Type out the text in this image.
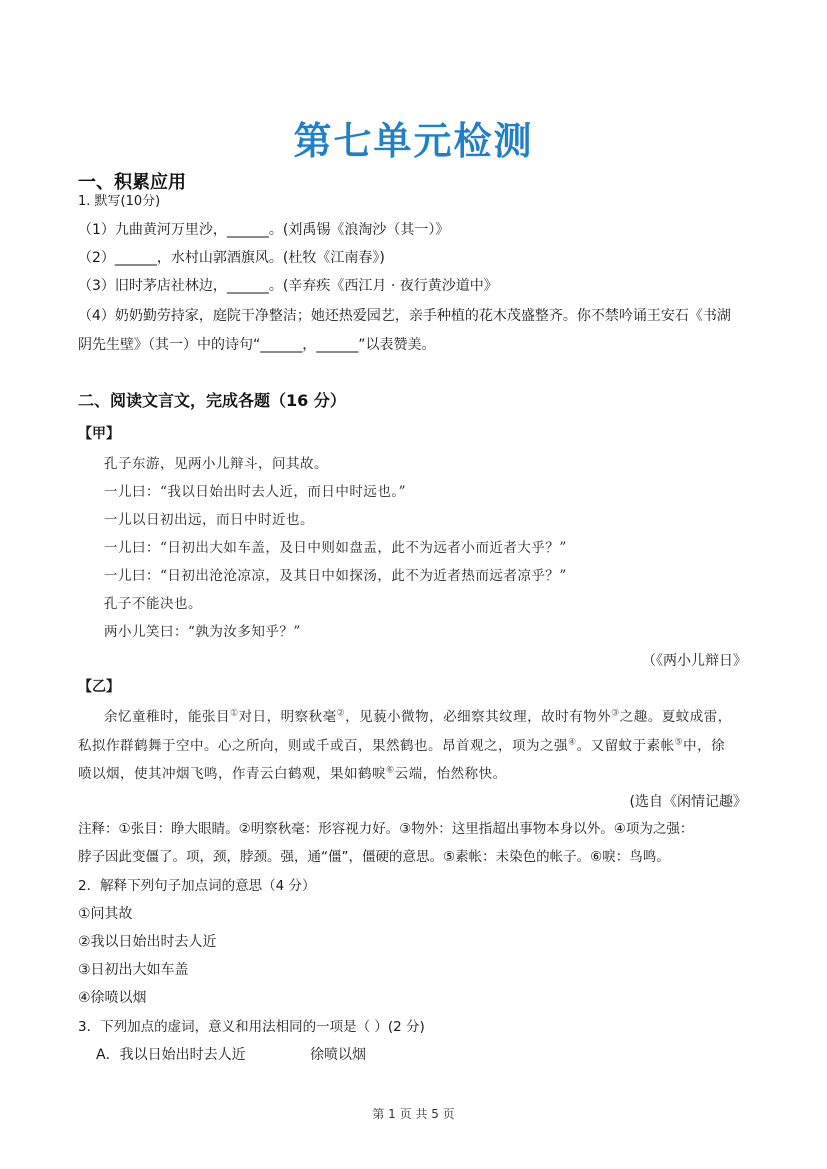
第七单元检测
一、积累应用
1. 默写(10分)
（1）九曲黄河万里沙，______。(刘禹锡《浪淘沙（其一）》
（2）______，水村山郭酒旗风。(杜牧《江南春》)
（3）旧时茅店社林边，______。(辛弃疾《西江月 · 夜行黄沙道中》
（4）奶奶勤劳持家，庭院干净整洁；她还热爱园艺，亲手种植的花木茂盛整齐。你不禁吟诵王安石《书湖
阴先生壁》（其一）中的诗句“______，______”以表赞美。
二、阅读文言文，完成各题（16 分）
【甲】
孔子东游，见两小儿辩斗，问其故。
一儿曰：“我以日始出时去人近，而日中时远也。”
一儿以日初出远，而日中时近也。
一儿曰：“日初出大如车盖，及日中则如盘盂，此不为远者小而近者大乎？”
一儿曰：“日初出沧沧凉凉，及其日中如探汤，此不为近者热而远者凉乎？”
孔子不能决也。
两小儿笑曰：“孰为汝多知乎？”
（《两小儿辩日》
【乙】
余忆童稚时，能张目①对日，明察秋毫②，见藐小微物，必细察其纹理，故时有物外③之趣。夏蚊成雷，
私拟作群鹤舞于空中。心之所向，则或千或百，果然鹤也。昂首观之，项为之强④。又留蚊于素帐⑤中，徐
喷以烟，使其冲烟飞鸣，作青云白鹤观，果如鹤唳⑥云端，怡然称快。
(选自《闲情记趣》
注释：①张目：睁大眼睛。②明察秋毫：形容视力好。③物外：这里指超出事物本身以外。④项为之强：
脖子因此变僵了。项，颈，脖颈。强，通“僵”，僵硬的意思。⑤素帐：未染色的帐子。⑥唳：鸟鸣。
2．解释下列句子加点词的意思（4 分）
①问其故
②我以日始出时去人近
③日初出大如车盖
④徐喷以烟
3．下列加点的虚词，意义和用法相同的一项是（ ）(2 分)
A．我以日始出时去人近	徐喷以烟
第 1 页 共 5 页
